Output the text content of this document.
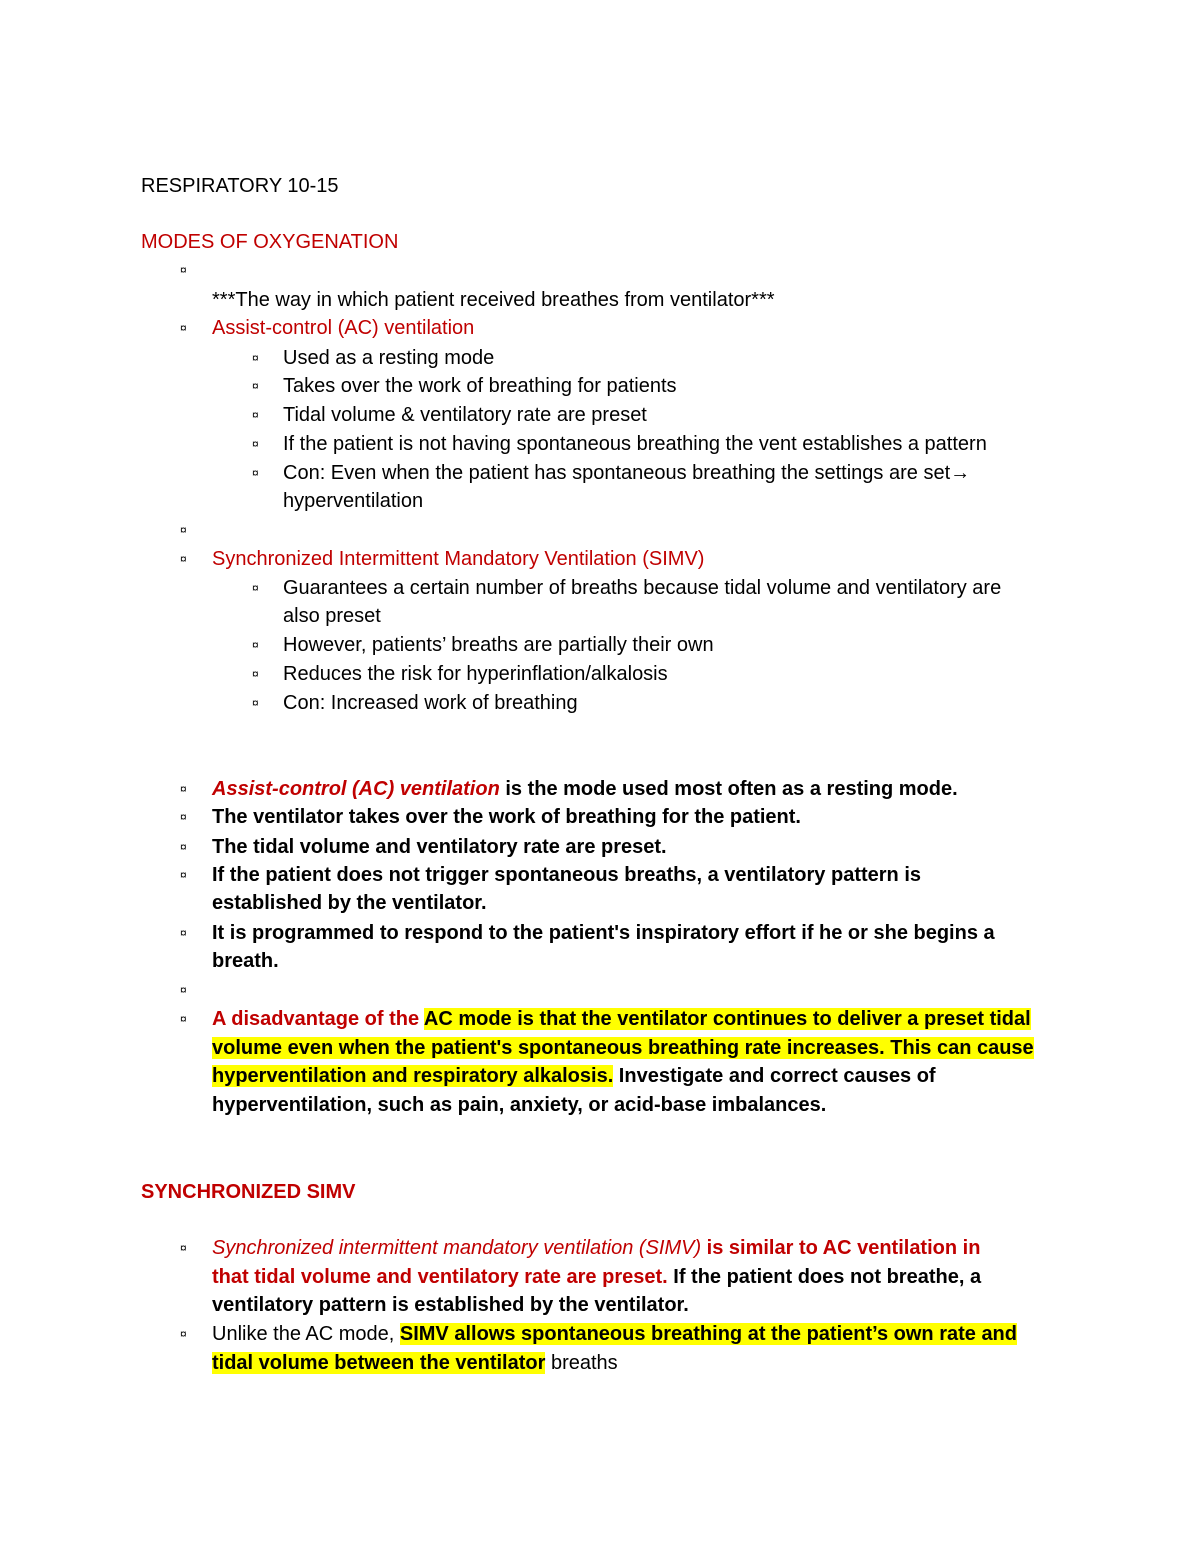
RESPIRATORY 10-15
MODES OF OXYGENATION
¤
***The way in which patient received breathes from ventilator***
¤ Assist-control (AC) ventilation
¤ Used as a resting mode
¤ Takes over the work of breathing for patients
¤ Tidal volume & ventilatory rate are preset
¤ If the patient is not having spontaneous breathing the vent establishes a pattern
¤ Con: Even when the patient has spontaneous breathing the settings are set→
hyperventilation
¤
¤ Synchronized Intermittent Mandatory Ventilation (SIMV)
¤ Guarantees a certain number of breaths because tidal volume and ventilatory are
also preset
¤ However, patients’ breaths are partially their own
¤ Reduces the risk for hyperinflation/alkalosis
¤ Con: Increased work of breathing
¤ Assist-control (AC) ventilation is the mode used most often as a resting mode.
¤ The ventilator takes over the work of breathing for the patient.
¤ The tidal volume and ventilatory rate are preset.
¤ If the patient does not trigger spontaneous breaths, a ventilatory pattern is
established by the ventilator.
¤ It is programmed to respond to the patient's inspiratory effort if he or she begins a
breath.
¤
¤ A disadvantage of the AC mode is that the ventilator continues to deliver a preset tidal
volume even when the patient's spontaneous breathing rate increases. This can cause
hyperventilation and respiratory alkalosis. Investigate and correct causes of
hyperventilation, such as pain, anxiety, or acid-base imbalances.
SYNCHRONIZED SIMV
¤ Synchronized intermittent mandatory ventilation (SIMV) is similar to AC ventilation in
that tidal volume and ventilatory rate are preset. If the patient does not breathe, a
ventilatory pattern is established by the ventilator.
¤ Unlike the AC mode, SIMV allows spontaneous breathing at the patient’s own rate and
tidal volume between the ventilator breaths
